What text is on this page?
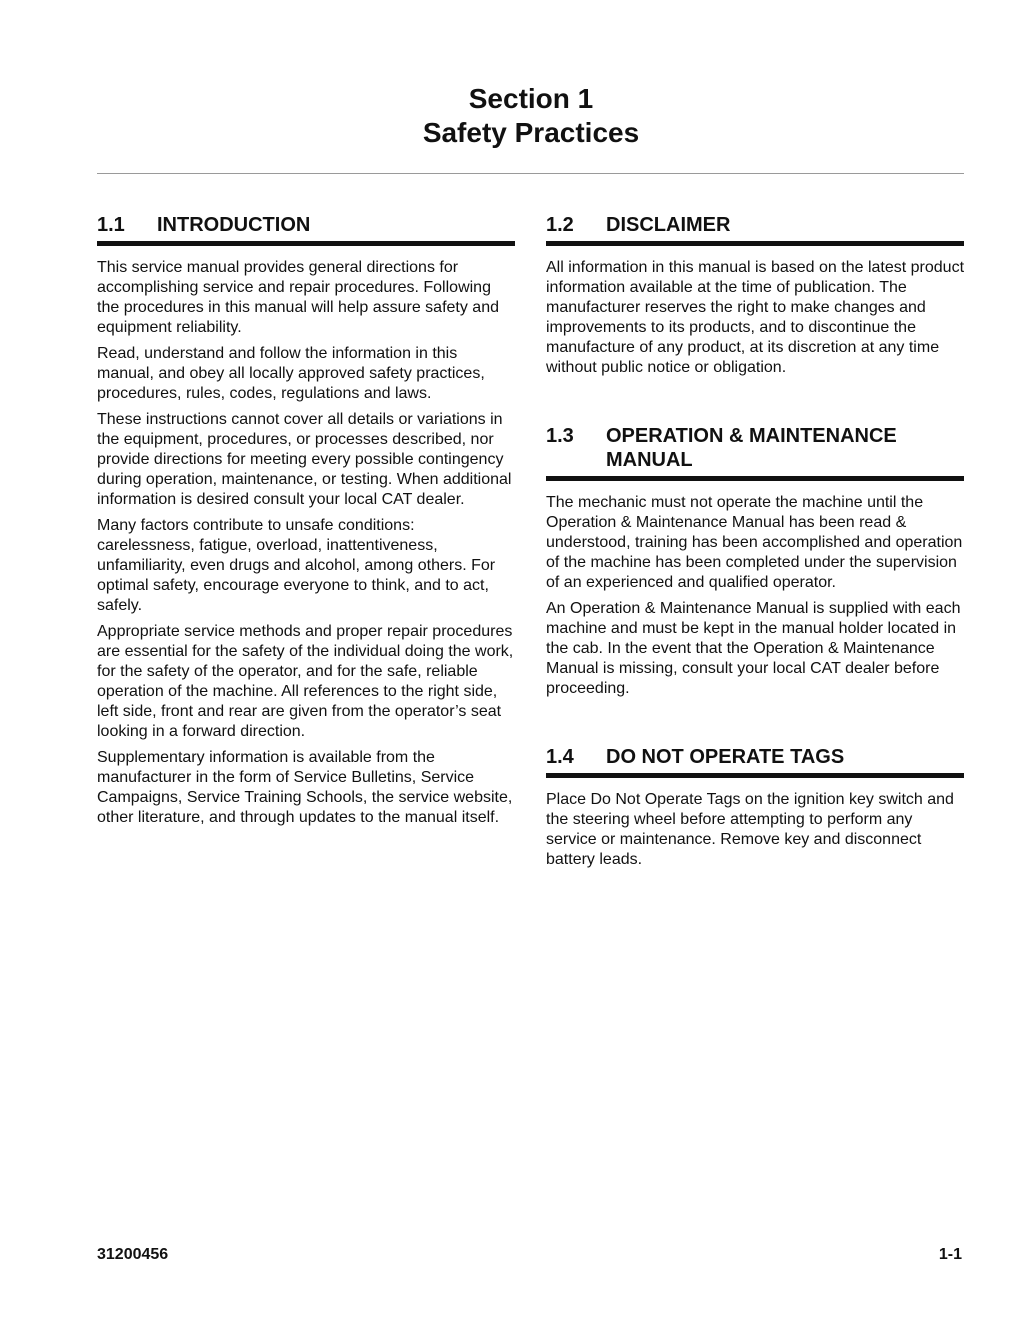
Section 1
Safety Practices
1.1	INTRODUCTION

This service manual provides general directions for accomplishing service and repair procedures. Following the procedures in this manual will help assure safety and equipment reliability.

Read, understand and follow the information in this manual, and obey all locally approved safety practices, procedures, rules, codes, regulations and laws.

These instructions cannot cover all details or variations in the equipment, procedures, or processes described, nor provide directions for meeting every possible contingency during operation, maintenance, or testing. When additional information is desired consult your local CAT dealer.

Many factors contribute to unsafe conditions: carelessness, fatigue, overload, inattentiveness, unfamiliarity, even drugs and alcohol, among others. For optimal safety, encourage everyone to think, and to act, safely.

Appropriate service methods and proper repair procedures are essential for the safety of the individual doing the work, for the safety of the operator, and for the safe, reliable operation of the machine. All references to the right side, left side, front and rear are given from the operator’s seat looking in a forward direction.

Supplementary information is available from the manufacturer in the form of Service Bulletins, Service Campaigns, Service Training Schools, the service website, other literature, and through updates to the manual itself.

1.2	DISCLAIMER

All information in this manual is based on the latest product information available at the time of publication. The manufacturer reserves the right to make changes and improvements to its products, and to discontinue the manufacture of any product, at its discretion at any time without public notice or obligation.

1.3	OPERATION & MAINTENANCE MANUAL

The mechanic must not operate the machine until the Operation & Maintenance Manual has been read & understood, training has been accomplished and operation of the machine has been completed under the supervision of an experienced and qualified operator.

An Operation & Maintenance Manual is supplied with each machine and must be kept in the manual holder located in the cab. In the event that the Operation & Maintenance Manual is missing, consult your local CAT dealer before proceeding.

1.4	DO NOT OPERATE TAGS

Place Do Not Operate Tags on the ignition key switch and the steering wheel before attempting to perform any service or maintenance. Remove key and disconnect battery leads.

31200456	1-1
